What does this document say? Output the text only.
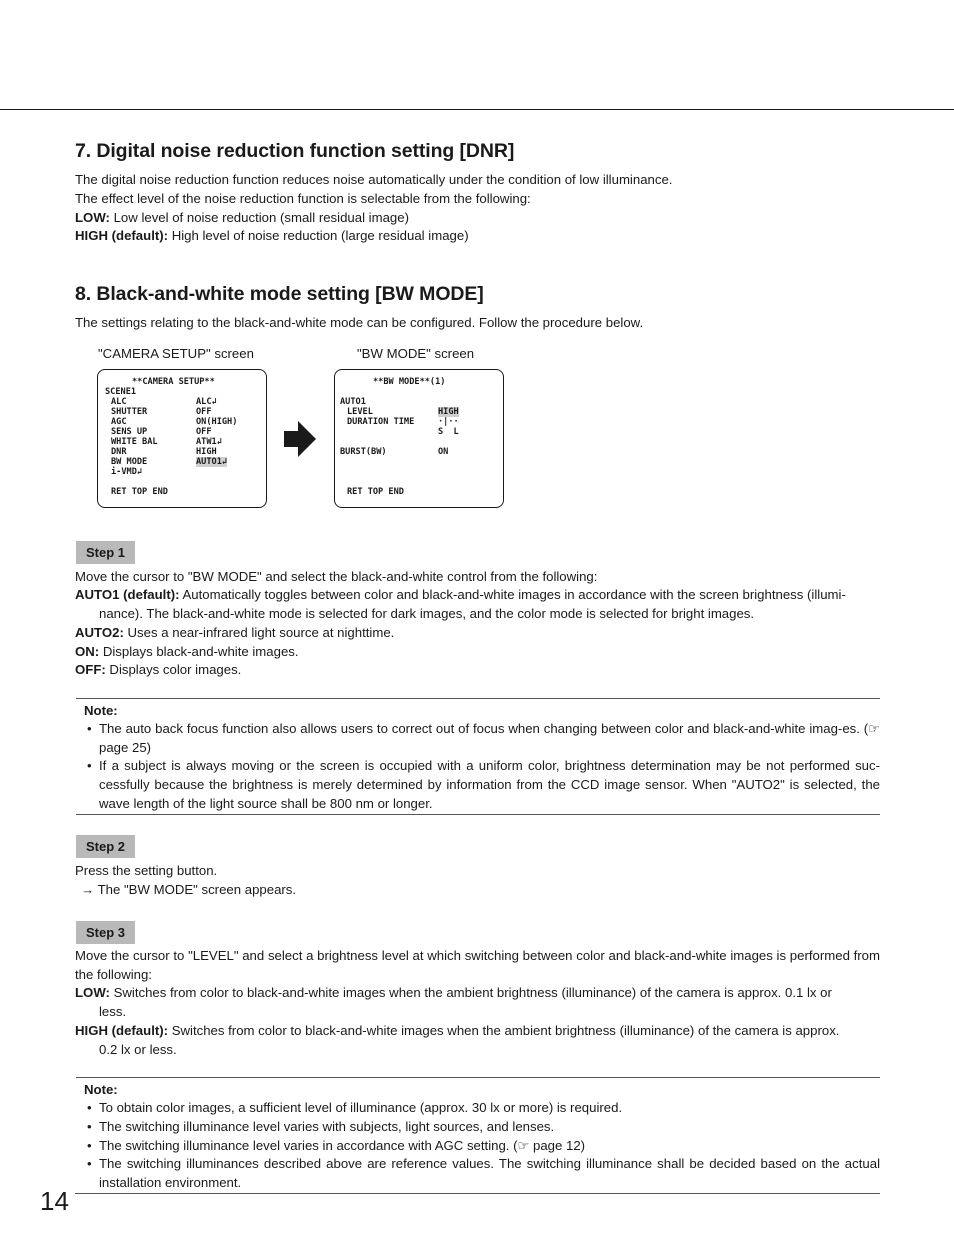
7. Digital noise reduction function setting [DNR]
The digital noise reduction function reduces noise automatically under the condition of low illuminance.
The effect level of the noise reduction function is selectable from the following:
LOW: Low level of noise reduction (small residual image)
HIGH (default): High level of noise reduction (large residual image)
8. Black-and-white mode setting [BW MODE]
The settings relating to the black-and-white mode can be configured. Follow the procedure below.
"CAMERA SETUP" screen	"BW MODE" screen
**CAMERA SETUP**
SCENE1
ALC	ALC↲
SHUTTER	OFF
AGC	ON(HIGH)
SENS UP	OFF
WHITE BAL	ATW1↲
DNR	HIGH
BW MODE	AUTO1↲
i-VMD↲
RET TOP END
**BW MODE**(1)
AUTO1
LEVEL	HIGH
DURATION TIME	·|··
S  L
BURST(BW)	ON
RET TOP END
Step 1
Move the cursor to "BW MODE" and select the black-and-white control from the following:
AUTO1 (default): Automatically toggles between color and black-and-white images in accordance with the screen brightness (illumi-
nance). The black-and-white mode is selected for dark images, and the color mode is selected for bright images.
AUTO2: Uses a near-infrared light source at nighttime.
ON: Displays black-and-white images.
OFF: Displays color images.
Note:
• The auto back focus function also allows users to correct out of focus when changing between color and black-and-white imag-es. (☞ page 25)
• If a subject is always moving or the screen is occupied with a uniform color, brightness determination may be not performed suc-cessfully because the brightness is merely determined by information from the CCD image sensor. When "AUTO2" is selected, the wave length of the light source shall be 800 nm or longer.
Step 2
Press the setting button.
→ The "BW MODE" screen appears.
Step 3
Move the cursor to "LEVEL" and select a brightness level at which switching between color and black-and-white images is performed from the following:
LOW: Switches from color to black-and-white images when the ambient brightness (illuminance) of the camera is approx. 0.1 lx or
less.
HIGH (default): Switches from color to black-and-white images when the ambient brightness (illuminance) of the camera is approx.
0.2 lx or less.
Note:
• To obtain color images, a sufficient level of illuminance (approx. 30 lx or more) is required.
• The switching illuminance level varies with subjects, light sources, and lenses.
• The switching illuminance level varies in accordance with AGC setting. (☞ page 12)
• The switching illuminances described above are reference values. The switching illuminance shall be decided based on the actual installation environment.
14
